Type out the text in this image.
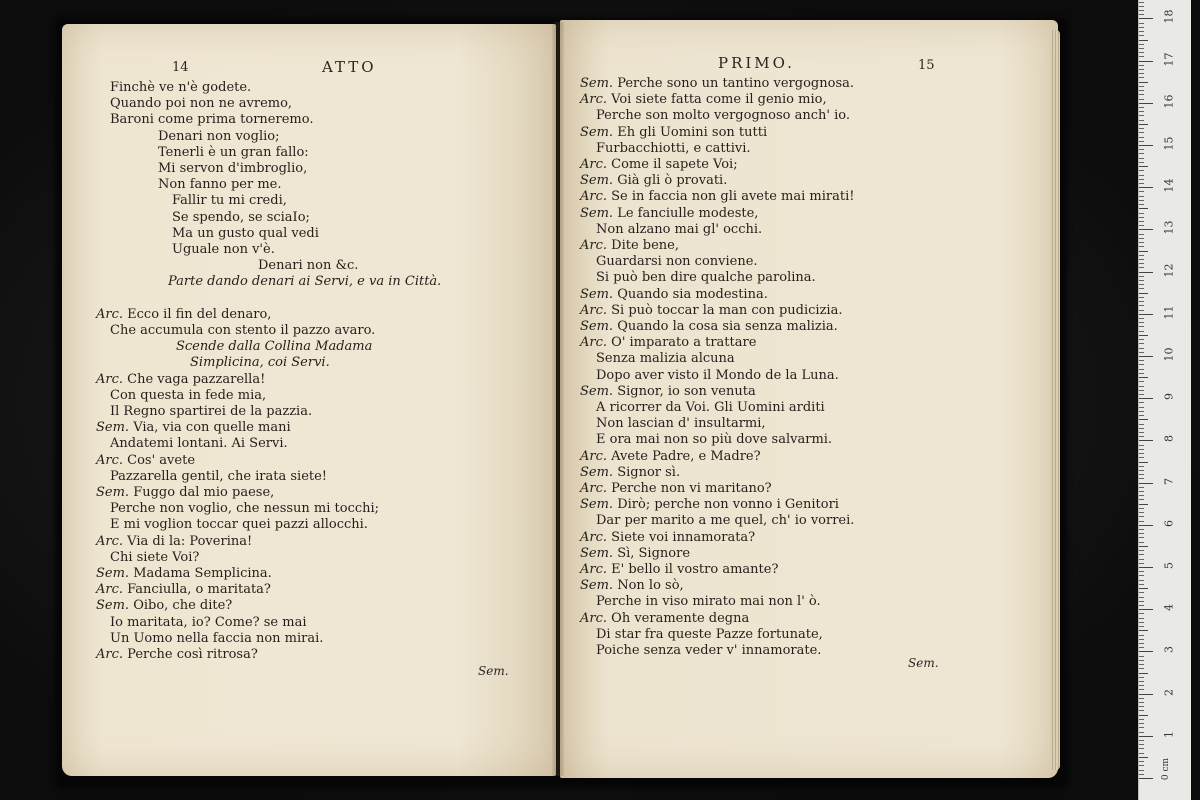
14	ATTO	PRIMO.	15
Finchè ve n'è godete.
Quando poi non ne avremo,
Baroni come prima torneremo.
Denari non voglio;
Tenerli è un gran fallo:
Mi servon d'imbroglio,
Non fanno per me.
Fallir tu mi credi,
Se spendo, se sciaIo;
Ma un gusto qual vedi
Uguale non v'è.
Denari non &c.
Parte dando denari ai Servi, e va in Città.
Arc. Ecco il fin del denaro,
Che accumula con stento il pazzo avaro.
Scende dalla Collina Madama
Simplicina, coi Servi.
Arc. Che vaga pazzarella!
Con questa in fede mia,
Il Regno spartirei de la pazzia.
Sem. Via, via con quelle mani
Andatemi lontani. Ai Servi.
Arc. Cos' avete
Pazzarella gentil, che irata siete!
Sem. Fuggo dal mio paese,
Perche non voglio, che nessun mi tocchi;
E mi voglion toccar quei pazzi allocchi.
Arc. Via di la: Poverina!
Chi siete Voi?
Sem. Madama Semplicina.
Arc. Fanciulla, o maritata?
Sem. Oibo, che dite?
Io maritata, io? Come? se mai
Un Uomo nella faccia non mirai.
Arc. Perche così ritrosa?
Sem. Perche sono un tantino vergognosa.
Arc. Voi siete fatta come il genio mio,
Perche son molto vergognoso anch' io.
Sem. Eh gli Uomini son tutti
Furbacchiotti, e cattivi.
Arc. Come il sapete Voi;
Sem. Già gli ò provati.
Arc. Se in faccia non gli avete mai mirati!
Sem. Le fanciulle modeste,
Non alzano mai gl' occhi.
Arc. Dite bene,
Guardarsi non conviene.
Si può ben dire qualche parolina.
Sem. Quando sia modestina.
Arc. Si può toccar la man con pudicizia.
Sem. Quando la cosa sia senza malizia.
Arc. O' imparato a trattare
Senza malizia alcuna
Dopo aver visto il Mondo de la Luna.
Sem. Signor, io son venuta
A ricorrer da Voi. Gli Uomini arditi
Non lascian d' insultarmi,
E ora mai non so più dove salvarmi.
Arc. Avete Padre, e Madre?
Sem. Signor sì.
Arc. Perche non vi maritano?
Sem. Dirò; perche non vonno i Genitori
Dar per marito a me quel, ch' io vorrei.
Arc. Siete voi innamorata?
Sem. Sì, Signore
Arc. E' bello il vostro amante?
Sem. Non lo sò,
Perche in viso mirato mai non l' ò.
Arc. Oh veramente degna
Di star fra queste Pazze fortunate,
Poiche senza veder v' innamorate.
Sem.
Sem.
0 cm
18
17
16
15
14
13
12
11
10
9
8
7
6
5
4
3
2
1
